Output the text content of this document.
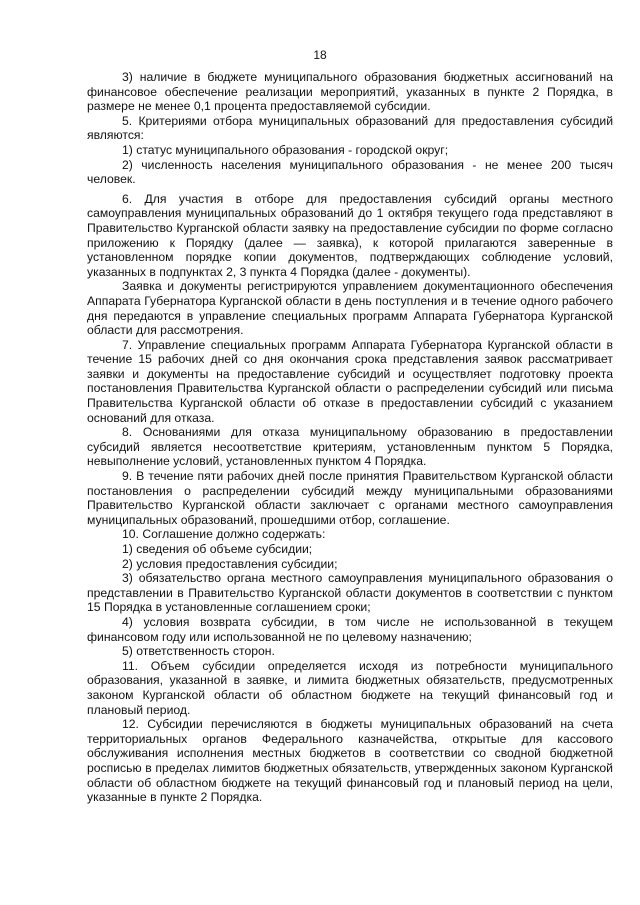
18

3) наличие в бюджете муниципального образования бюджетных ассигнований на финансовое обеспечение реализации мероприятий, указанных в пункте 2 Порядка, в размере не менее 0,1 процента предоставляемой субсидии.

5. Критериями отбора муниципальных образований для предоставления субсидий являются:

1) статус муниципального образования - городской округ;

2) численность населения муниципального образования - не менее 200 тысяч человек.

6. Для участия в отборе для предоставления субсидий органы местного самоуправления муниципальных образований до 1 октября текущего года представляют в Правительство Курганской области заявку на предоставление субсидии по форме согласно приложению к Порядку (далее — заявка), к которой прилагаются заверенные в установленном порядке копии документов, подтверждающих соблюдение условий, указанных в подпунктах 2, 3 пункта 4 Порядка (далее - документы).

Заявка и документы регистрируются управлением документационного обеспечения Аппарата Губернатора Курганской области в день поступления и в течение одного рабочего дня передаются в управление специальных программ Аппарата Губернатора Курганской области для рассмотрения.

7. Управление специальных программ Аппарата Губернатора Курганской области в течение 15 рабочих дней со дня окончания срока представления заявок рассматривает заявки и документы на предоставление субсидий и осуществляет подготовку проекта постановления Правительства Курганской области о распределении субсидий или письма Правительства Курганской области об отказе в предоставлении субсидий с указанием оснований для отказа.

8. Основаниями для отказа муниципальному образованию в предоставлении субсидий является несоответствие критериям, установленным пунктом 5 Порядка, невыполнение условий, установленных пунктом 4 Порядка.

9. В течение пяти рабочих дней после принятия Правительством Курганской области постановления о распределении субсидий между муниципальными образованиями Правительство Курганской области заключает с органами местного самоуправления муниципальных образований, прошедшими отбор, соглашение.

10. Соглашение должно содержать:

1) сведения об объеме субсидии;

2) условия предоставления субсидии;

3) обязательство органа местного самоуправления муниципального образования о представлении в Правительство Курганской области документов в соответствии с пунктом 15 Порядка в установленные соглашением сроки;

4) условия возврата субсидии, в том числе не использованной в текущем финансовом году или использованной не по целевому назначению;

5) ответственность сторон.

11. Объем субсидии определяется исходя из потребности муниципального образования, указанной в заявке, и лимита бюджетных обязательств, предусмотренных законом Курганской области об областном бюджете на текущий финансовый год и плановый период.

12. Субсидии перечисляются в бюджеты муниципальных образований на счета территориальных органов Федерального казначейства, открытые для кассового обслуживания исполнения местных бюджетов в соответствии со сводной бюджетной росписью в пределах лимитов бюджетных обязательств, утвержденных законом Курганской области об областном бюджете на текущий финансовый год и плановый период на цели, указанные в пункте 2 Порядка.
